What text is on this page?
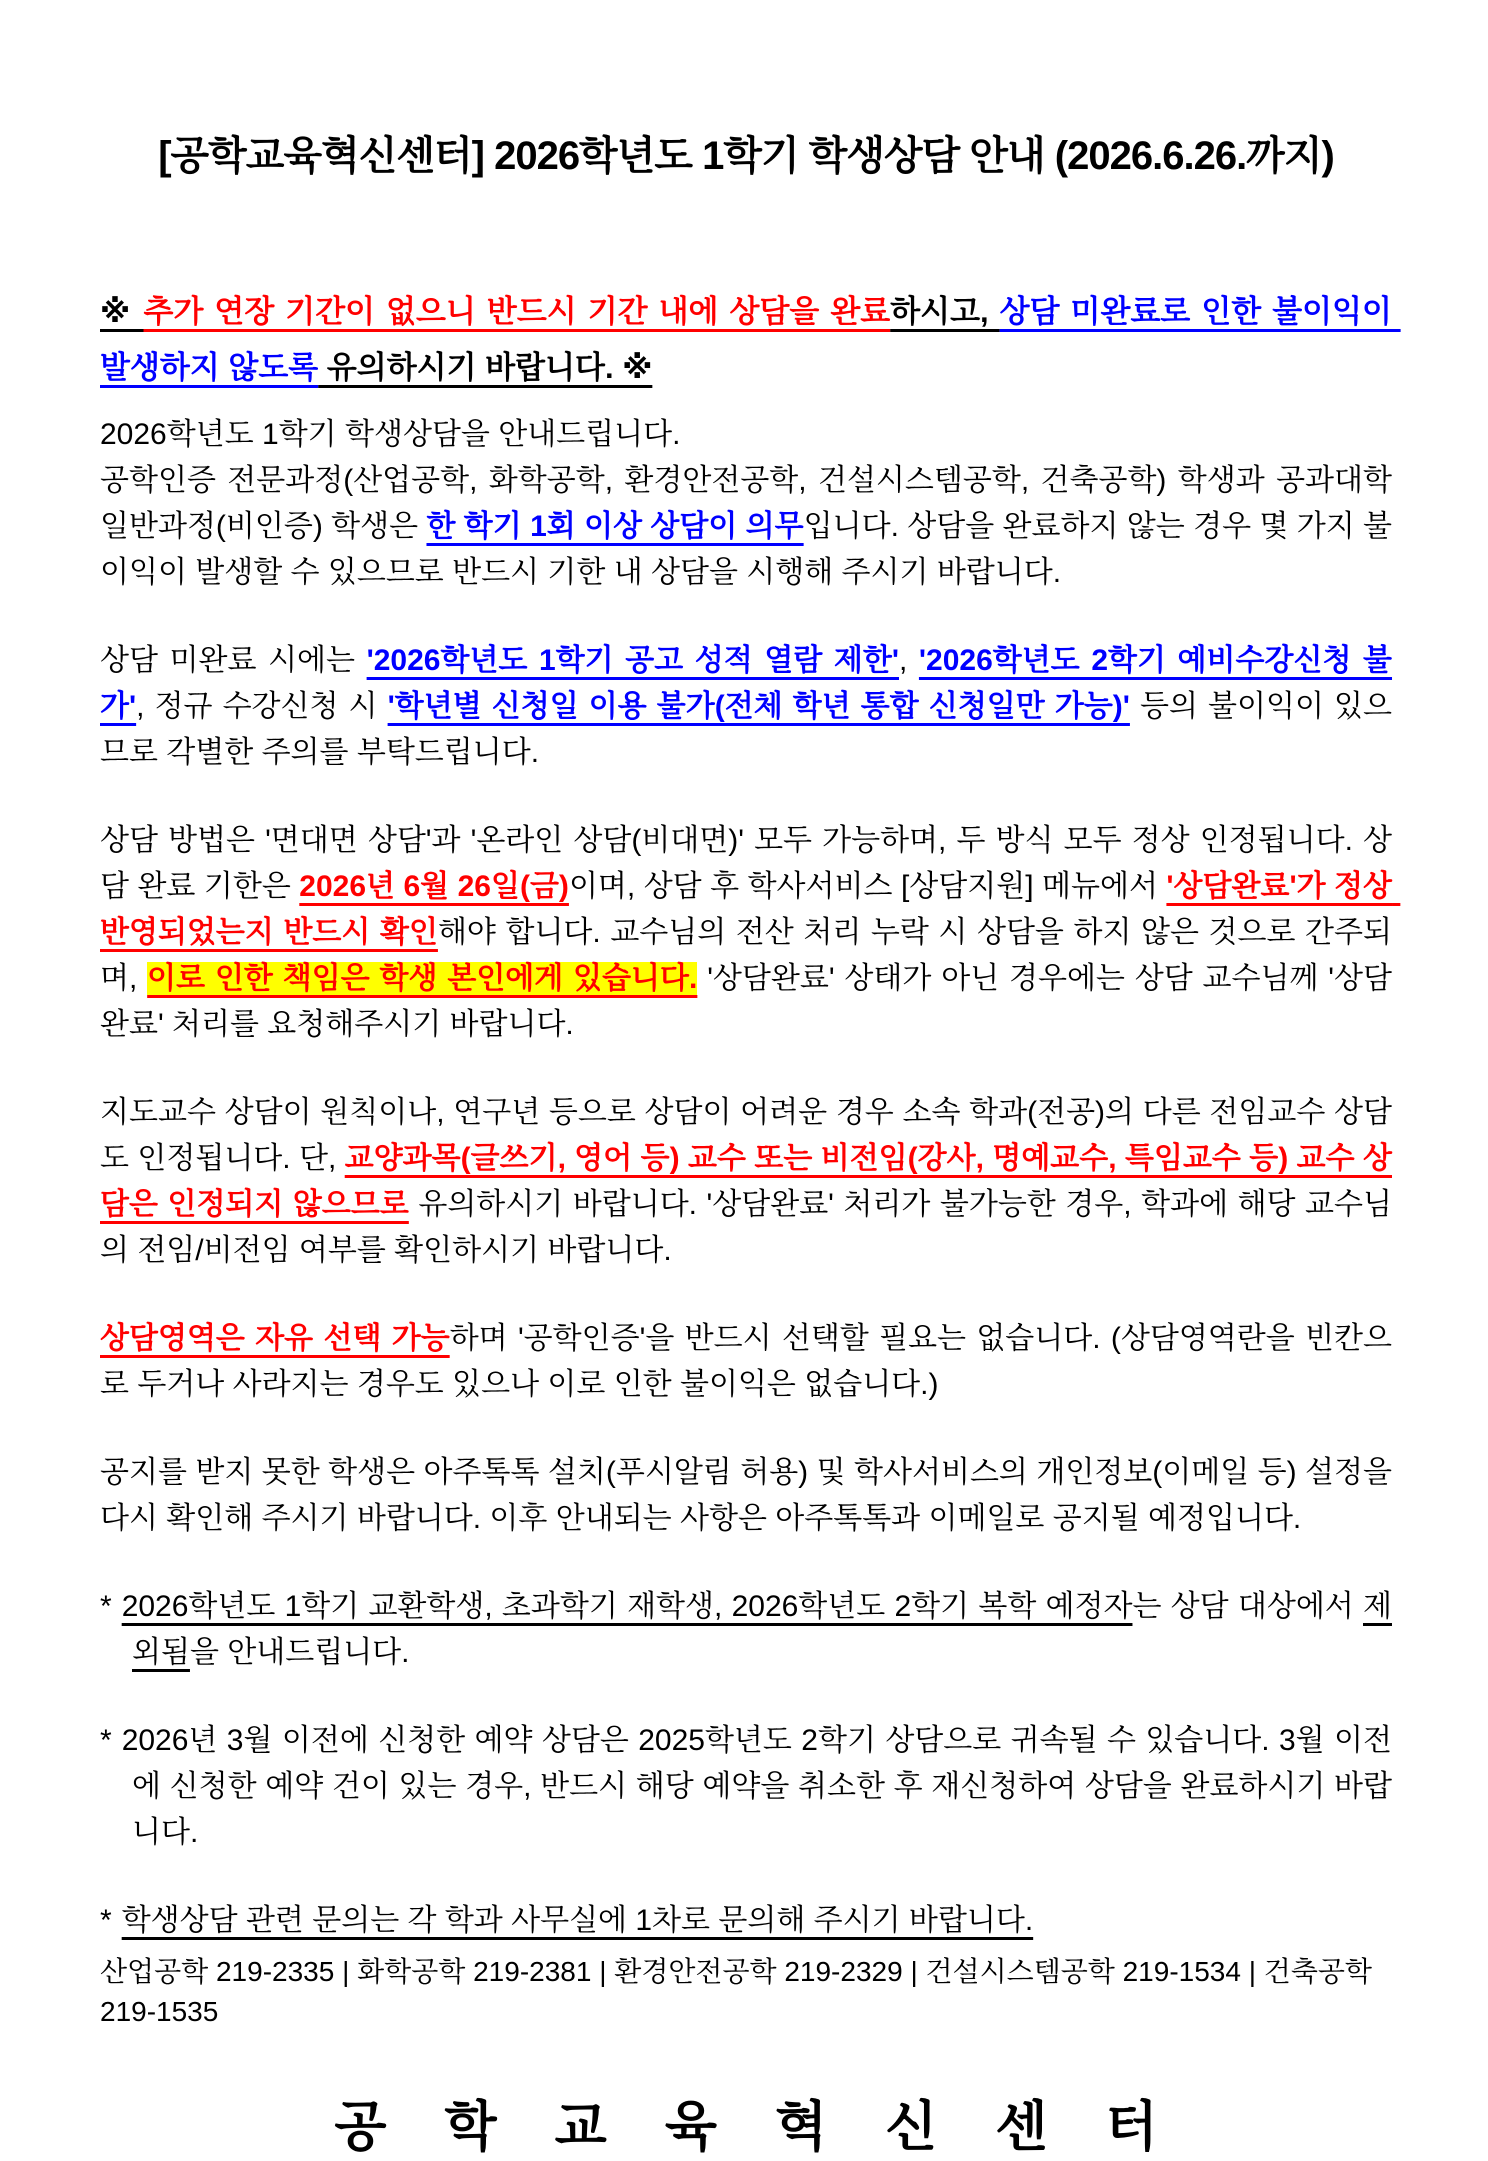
[공학교육혁신센터] 2026학년도 1학기 학생상담 안내 (2026.6.26.까지)

※ 추가 연장 기간이 없으니 반드시 기간 내에 상담을 완료하시고, 상담 미완료로 인한 불이익이 발생하지 않도록 유의하시기 바랍니다. ※

2026학년도 1학기 학생상담을 안내드립니다.
공학인증 전문과정(산업공학, 화학공학, 환경안전공학, 건설시스템공학, 건축공학) 학생과 공과대학 일반과정(비인증) 학생은 한 학기 1회 이상 상담이 의무입니다. 상담을 완료하지 않는 경우 몇 가지 불이익이 발생할 수 있으므로 반드시 기한 내 상담을 시행해 주시기 바랍니다.

상담 미완료 시에는 '2026학년도 1학기 공고 성적 열람 제한', '2026학년도 2학기 예비수강신청 불가', 정규 수강신청 시 '학년별 신청일 이용 불가(전체 학년 통합 신청일만 가능)' 등의 불이익이 있으므로 각별한 주의를 부탁드립니다.

상담 방법은 '면대면 상담'과 '온라인 상담(비대면)' 모두 가능하며, 두 방식 모두 정상 인정됩니다. 상담 완료 기한은 2026년 6월 26일(금)이며, 상담 후 학사서비스 [상담지원] 메뉴에서 '상담완료'가 정상 반영되었는지 반드시 확인해야 합니다. 교수님의 전산 처리 누락 시 상담을 하지 않은 것으로 간주되며, 이로 인한 책임은 학생 본인에게 있습니다. '상담완료' 상태가 아닌 경우에는 상담 교수님께 '상담완료' 처리를 요청해주시기 바랍니다.

지도교수 상담이 원칙이나, 연구년 등으로 상담이 어려운 경우 소속 학과(전공)의 다른 전임교수 상담도 인정됩니다. 단, 교양과목(글쓰기, 영어 등) 교수 또는 비전임(강사, 명예교수, 특임교수 등) 교수 상담은 인정되지 않으므로 유의하시기 바랍니다. '상담완료' 처리가 불가능한 경우, 학과에 해당 교수님의 전임/비전임 여부를 확인하시기 바랍니다.

상담영역은 자유 선택 가능하며 '공학인증'을 반드시 선택할 필요는 없습니다. (상담영역란을 빈칸으로 두거나 사라지는 경우도 있으나 이로 인한 불이익은 없습니다.)

공지를 받지 못한 학생은 아주톡톡 설치(푸시알림 허용) 및 학사서비스의 개인정보(이메일 등) 설정을 다시 확인해 주시기 바랍니다. 이후 안내되는 사항은 아주톡톡과 이메일로 공지될 예정입니다.

* 2026학년도 1학기 교환학생, 초과학기 재학생, 2026학년도 2학기 복학 예정자는 상담 대상에서 제외됨을 안내드립니다.

* 2026년 3월 이전에 신청한 예약 상담은 2025학년도 2학기 상담으로 귀속될 수 있습니다. 3월 이전에 신청한 예약 건이 있는 경우, 반드시 해당 예약을 취소한 후 재신청하여 상담을 완료하시기 바랍니다.

* 학생상담 관련 문의는 각 학과 사무실에 1차로 문의해 주시기 바랍니다.

산업공학 219-2335 | 화학공학 219-2381 | 환경안전공학 219-2329 | 건설시스템공학 219-1534 | 건축공학 219-1535

공학교육혁신센터
